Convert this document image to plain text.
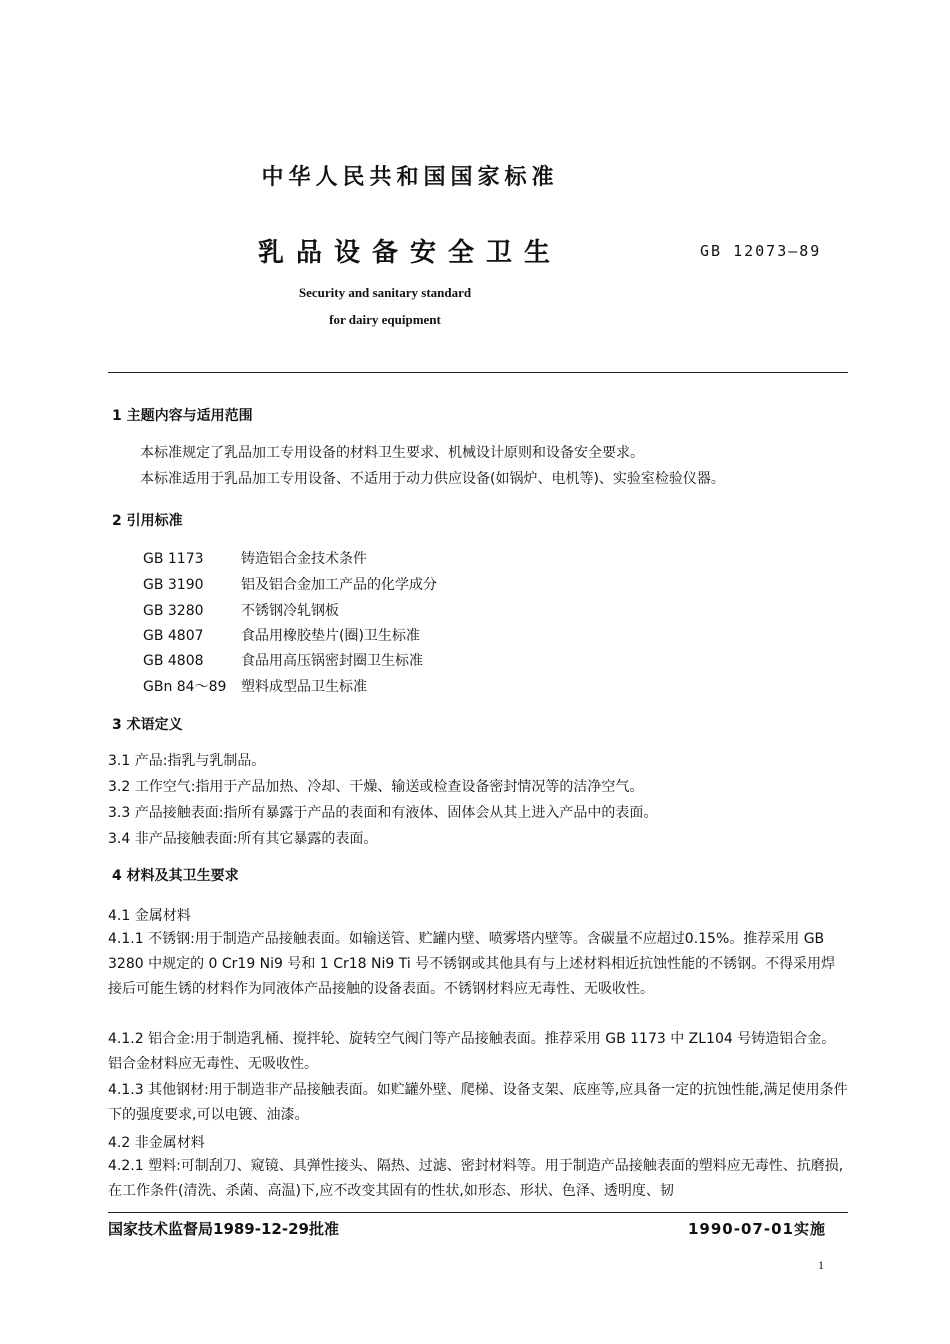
中华人民共和国国家标准
乳品设备安全卫生	GB 12073—89
Security and sanitary standard
for dairy equipment
1 主题内容与适用范围
本标准规定了乳品加工专用设备的材料卫生要求、机械设计原则和设备安全要求。
本标准适用于乳品加工专用设备、不适用于动力供应设备(如锅炉、电机等)、实验室检验仪器。
2 引用标准
GB 1173	铸造铝合金技术条件
GB 3190	铝及铝合金加工产品的化学成分
GB 3280	不锈钢冷轧钢板
GB 4807	食品用橡胶垫片(圈)卫生标准
GB 4808	食品用高压锅密封圈卫生标准
GBn 84～89 塑料成型品卫生标准
3 术语定义
3.1 产品:指乳与乳制品。
3.2 工作空气:指用于产品加热、冷却、干燥、输送或检查设备密封情况等的洁净空气。
3.3 产品接触表面:指所有暴露于产品的表面和有液体、固体会从其上进入产品中的表面。
3.4 非产品接触表面:所有其它暴露的表面。
4 材料及其卫生要求
4.1 金属材料
4.1.1 不锈钢:用于制造产品接触表面。如输送管、贮罐内壁、喷雾塔内壁等。含碳量不应超过0.15%。推荐采用 GB 3280 中规定的 0 Cr19 Ni9 号和 1 Cr18 Ni9 Ti 号不锈钢或其他具有与上述材料相近抗蚀性能的不锈钢。不得采用焊接后可能生锈的材料作为同液体产品接触的设备表面。不锈钢材料应无毒性、无吸收性。
4.1.2 铝合金:用于制造乳桶、搅拌轮、旋转空气阀门等产品接触表面。推荐采用 GB 1173 中 ZL104 号铸造铝合金。铝合金材料应无毒性、无吸收性。
4.1.3 其他钢材:用于制造非产品接触表面。如贮罐外壁、爬梯、设备支架、底座等,应具备一定的抗蚀性能,满足使用条件下的强度要求,可以电镀、油漆。
4.2 非金属材料
4.2.1 塑料:可制刮刀、窥镜、具弹性接头、隔热、过滤、密封材料等。用于制造产品接触表面的塑料应无毒性、抗磨损,在工作条件(清洗、杀菌、高温)下,应不改变其固有的性状,如形态、形状、色泽、透明度、韧
国家技术监督局1989-12-29批准	1990-07-01实施
1
